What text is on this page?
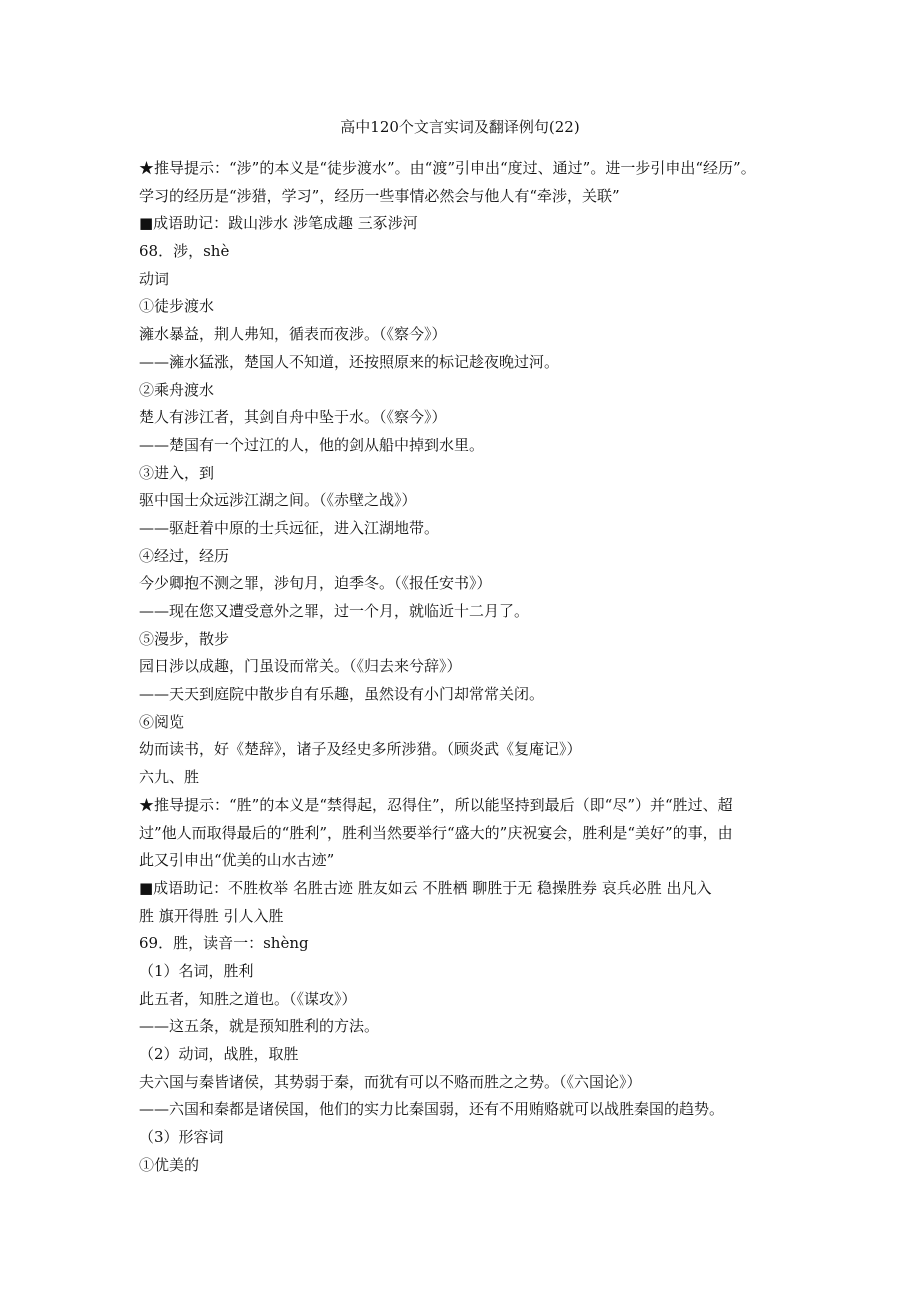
高中120个文言实词及翻译例句(22)
★推导提示：“涉”的本义是“徒步渡水”。由“渡”引申出“度过、通过”。进一步引申出“经历”。
学习的经历是“涉猎，学习”，经历一些事情必然会与他人有“牵涉，关联”
■成语助记：跋山涉水 涉笔成趣 三豖涉河
68．涉，shè
动词
①徒步渡水
澭水暴益，荆人弗知，循表而夜涉。（《察今》）
——澭水猛涨，楚国人不知道，还按照原来的标记趁夜晚过河。
②乘舟渡水
楚人有涉江者，其剑自舟中坠于水。（《察今》）
——楚国有一个过江的人，他的剑从船中掉到水里。
③进入，到
驱中国士众远涉江湖之间。（《赤壁之战》）
——驱赶着中原的士兵远征，进入江湖地带。
④经过，经历
今少卿抱不测之罪，涉旬月，迫季冬。（《报任安书》）
——现在您又遭受意外之罪，过一个月，就临近十二月了。
⑤漫步，散步
园日涉以成趣，门虽设而常关。（《归去来兮辞》）
——天天到庭院中散步自有乐趣，虽然设有小门却常常关闭。
⑥阅览
幼而读书，好《楚辞》，诸子及经史多所涉猎。（顾炎武《复庵记》）
六九、胜
★推导提示：“胜”的本义是“禁得起，忍得住”，所以能坚持到最后（即“尽”）并“胜过、超
过”他人而取得最后的“胜利”，胜利当然要举行“盛大的”庆祝宴会，胜利是“美好”的事，由
此又引申出“优美的山水古迹”
■成语助记：不胜枚举 名胜古迹 胜友如云 不胜栖 聊胜于无 稳操胜券 哀兵必胜 出凡入
胜 旗开得胜 引人入胜
69．胜，读音一：shèng
（1）名词，胜利
此五者，知胜之道也。（《谋攻》）
——这五条，就是预知胜利的方法。
（2）动词，战胜，取胜
夫六国与秦皆诸侯，其势弱于秦，而犹有可以不赂而胜之之势。（《六国论》）
——六国和秦都是诸侯国，他们的实力比秦国弱，还有不用贿赂就可以战胜秦国的趋势。
（3）形容词
①优美的
